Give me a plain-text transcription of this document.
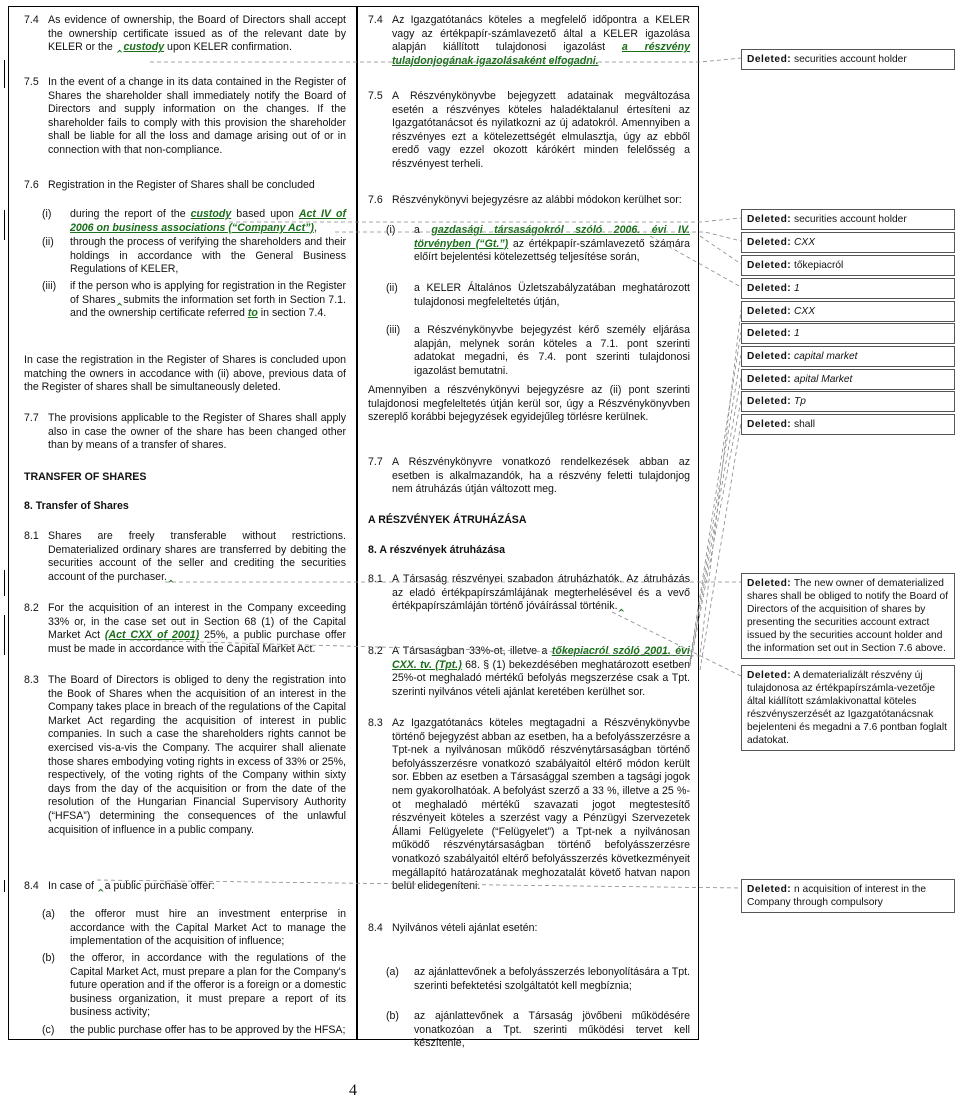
7.4 As evidence of ownership, the Board of Directors shall accept the ownership certificate issued as of the relevant date by KELER or the ‸custody upon KELER confirmation.
7.5 In the event of a change in its data contained in the Register of Shares the shareholder shall immediately notify the Board of Directors and supply information on the changes. If the shareholder fails to comply with this provision the shareholder shall be liable for all the loss and damage arising out of or in connection with that non-compliance.
7.6 Registration in the Register of Shares shall be concluded
(i) during the report of the custody based upon Act IV of 2006 on business associations (“Company Act”),
(ii) through the process of verifying the shareholders and their holdings in accordance with the General Business Regulations of KELER,
(iii) if the person who is applying for registration in the Register of Shares‸submits the information set forth in Section 7.1. and the ownership certificate referred to in section 7.4.
In case the registration in the Register of Shares is concluded upon matching the owners in accodance with (ii) above, previous data of the Register of shares shall be simultaneously deleted.
7.7 The provisions applicable to the Register of Shares shall apply also in case the owner of the share has been changed other than by means of a transfer of shares.
TRANSFER OF SHARES
8. Transfer of Shares
8.1 Shares are freely transferable without restrictions. Dematerialized ordinary shares are transferred by debiting the securities account of the seller and crediting the securities account of the purchaser.‸
8.2 For the acquisition of an interest in the Company exceeding 33% or, in the case set out in Section 68 (1) of the Capital Market Act (Act CXX of 2001) 25%, a public purchase offer must be made in accordance with the Capital Market Act.
8.3 The Board of Directors is obliged to deny the registration into the Book of Shares when the acquisition of an interest in the Company takes place in breach of the regulations of the Capital Market Act regarding the acquisition of interest in public companies. In such a case the shareholders rights cannot be exercised vis-a-vis the Company. The acquirer shall alienate those shares embodying voting rights in excess of 33% or 25%, respectively, of the voting rights of the Company within sixty days from the day of the acquisition or from the date of the resolution of the Hungarian Financial Supervisory Authority (“HFSA”) determining the consequences of the unlawful acquisition of influence in a public company.
8.4 In case of ‸a public purchase offer:
(a) the offeror must hire an investment enterprise in accordance with the Capital Market Act to manage the implementation of the acquisition of influence;
(b) the offeror, in accordance with the regulations of the Capital Market Act, must prepare a plan for the Company's future operation and if the offeror is a foreign or a domestic business organization, it must prepare a report of its business activity;
(c) the public purchase offer has to be approved by the HFSA;
7.4 Az Igazgatótanács köteles a megfelelő időpontra a KELER vagy az értékpapír-számlavezető által a KELER igazolása alapján kiállított tulajdonosi igazolást a részvény tulajdonjogának igazolásaként elfogadni.
7.5 A Részvénykönyvbe bejegyzett adatainak megváltozása esetén a részvényes köteles haladéktalanul értesíteni az Igazgatótanácsot és nyilatkozni az új adatokról. Amennyiben a részvényes ezt a kötelezettségét elmulasztja, úgy az ebből eredő vagy ezzel okozott kárókért minden felelősség a részvényest terheli.
7.6 Részvénykönyvi bejegyzésre az alábbi módokon kerülhet sor:
(i) a gazdasági társaságokról szóló 2006. évi IV. törvényben (“Gt.”) az értékpapír-számlavezető számára előírt bejelentési kötelezettség teljesítése során,
(ii) a KELER Általános Üzletszabályzatában meghatározott tulajdonosi megfeleltetés útján,
(iii) a Részvénykönyvbe bejegyzést kérő személy eljárása alapján, melynek során köteles a 7.1. pont szerinti adatokat megadni, és 7.4. pont szerinti tulajdonosi igazolást bemutatni.
Amennyiben a részvénykönyvi bejegyzésre az (ii) pont szerinti tulajdonosi megfeleltetés útján kerül sor, úgy a Részvénykönyvben szereplő korábbi bejegyzések egyidejűleg törlésre kerülnek.
7.7 A Részvénykönyvre vonatkozó rendelkezések abban az esetben is alkalmazandók, ha a részvény feletti tulajdonjog nem átruházás útján változott meg.
A RÉSZVÉNYEK ÁTRUHÁZÁSA
8. A részvények átruházása
8.1 A Társaság részvényei szabadon átruházhatók. Az átruházás az eladó értékpapírszámlájának megterhelésével és a vevő értékpapírszámláján történő jóváírással történik.‸
8.2 A Társaságban 33%-ot, illetve a tőkepiacról szóló 2001. évi CXX. tv. (Tpt.) 68. § (1) bekezdésében meghatározott esetben 25%-ot meghaladó mértékű befolyás megszerzése csak a Tpt. szerinti nyilvános vételi ajánlat keretében kerülhet sor.
8.3 Az Igazgatótanács köteles megtagadni a Részvénykönyvbe történő bejegyzést abban az esetben, ha a befolyásszerzésre a Tpt-nek a nyilvánosan működő részvénytársaságban történő befolyásszerzésre vonatkozó szabályaitól eltérő módon került sor. Ebben az esetben a Társasággal szemben a tagsági jogok nem gyakorolhatóak. A befolyást szerző a 33 %, illetve a 25 %-ot meghaladó mértékű szavazati jogot megtestesítő részvényeit köteles a szerzést vagy a Pénzügyi Szervezetek Állami Felügyelete (“Felügyelet”) a Tpt-nek a nyilvánosan működő részvénytársaságban történő befolyásszerzésre vonatkozó szabályaitól eltérő befolyásszerzés következményeit megállapító határozatának meghozatalát követő hatvan napon belül elidegeníteni.
8.4 Nyilvános vételi ajánlat esetén:
(a) az ajánlattevőnek a befolyásszerzés lebonyolítására a Tpt. szerinti befektetési szolgáltatót kell megbíznia;
(b) az ajánlattevőnek a Társaság jövőbeni működésére vonatkozóan a Tpt. szerinti működési tervet kell készítenie,
Deleted: securities account holder
Deleted: securities account holder
Deleted: CXX
Deleted: tőkepiacról
Deleted: 1
Deleted: CXX
Deleted: 1
Deleted: capital market
Deleted: apital Market
Deleted: Tp
Deleted: shall
Deleted: The new owner of dematerialized shares shall be obliged to notify the Board of Directors of the acquisition of shares by presenting the securities account extract issued by the securities account holder and the information set out in Section 7.6 above.
Deleted: A dematerializált részvény új tulajdonosa az értékpapírszámla-vezetője által kiállított számlakivonattal köteles részvényszerzését az Igazgatótanácsnak bejelenteni és megadni a 7.6 pontban foglalt adatokat.
Deleted: n acquisition of interest in the Company through compulsory
4
